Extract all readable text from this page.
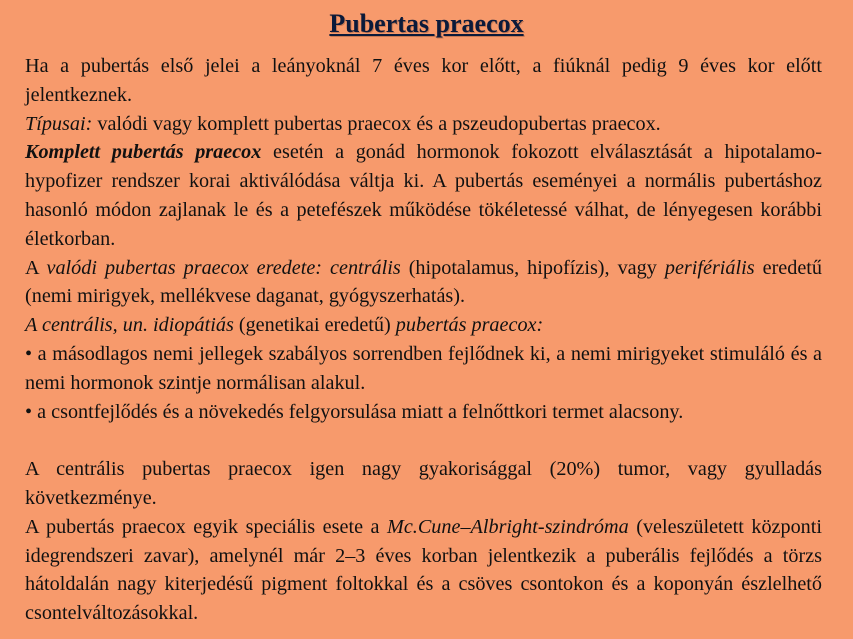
Pubertas praecox

Ha a pubertás első jelei a leányoknál 7 éves kor előtt, a fiúknál pedig 9 éves kor előtt jelentkeznek.

Típusai: valódi vagy komplett pubertas praecox és a pszeudopubertas praecox.

Komplett pubertás praecox esetén a gonád hormonok fokozott elválasztását a hipotalamo-hypofizer rendszer korai aktiválódása váltja ki. A pubertás eseményei a normális pubertáshoz hasonló módon zajlanak le és a petefészek működése tökéletessé válhat, de lényegesen korábbi életkorban.

A valódi pubertas praecox eredete: centrális (hipotalamus, hipofízis), vagy perifériális eredetű (nemi mirigyek, mellékvese daganat, gyógyszerhatás).

A centrális, un. idiopátiás (genetikai eredetű) pubertás praecox:

• a másodlagos nemi jellegek szabályos sorrendben fejlődnek ki, a nemi mirigyeket stimuláló és a nemi hormonok szintje normálisan alakul.

• a csontfejlődés és a növekedés felgyorsulása miatt a felnőttkori termet alacsony.

A centrális pubertas praecox igen nagy gyakorisággal (20%) tumor, vagy gyulladás következménye.

A pubertás praecox egyik speciális esete a Mc.Cune–Albright-szindróma (veleszületett központi idegrendszeri zavar), amelynél már 2–3 éves korban jelentkezik a puberális fejlődés a törzs hátoldalán nagy kiterjedésű pigment foltokkal és a csöves csontokon és a koponyán észlelhető csontelváltozásokkal.
